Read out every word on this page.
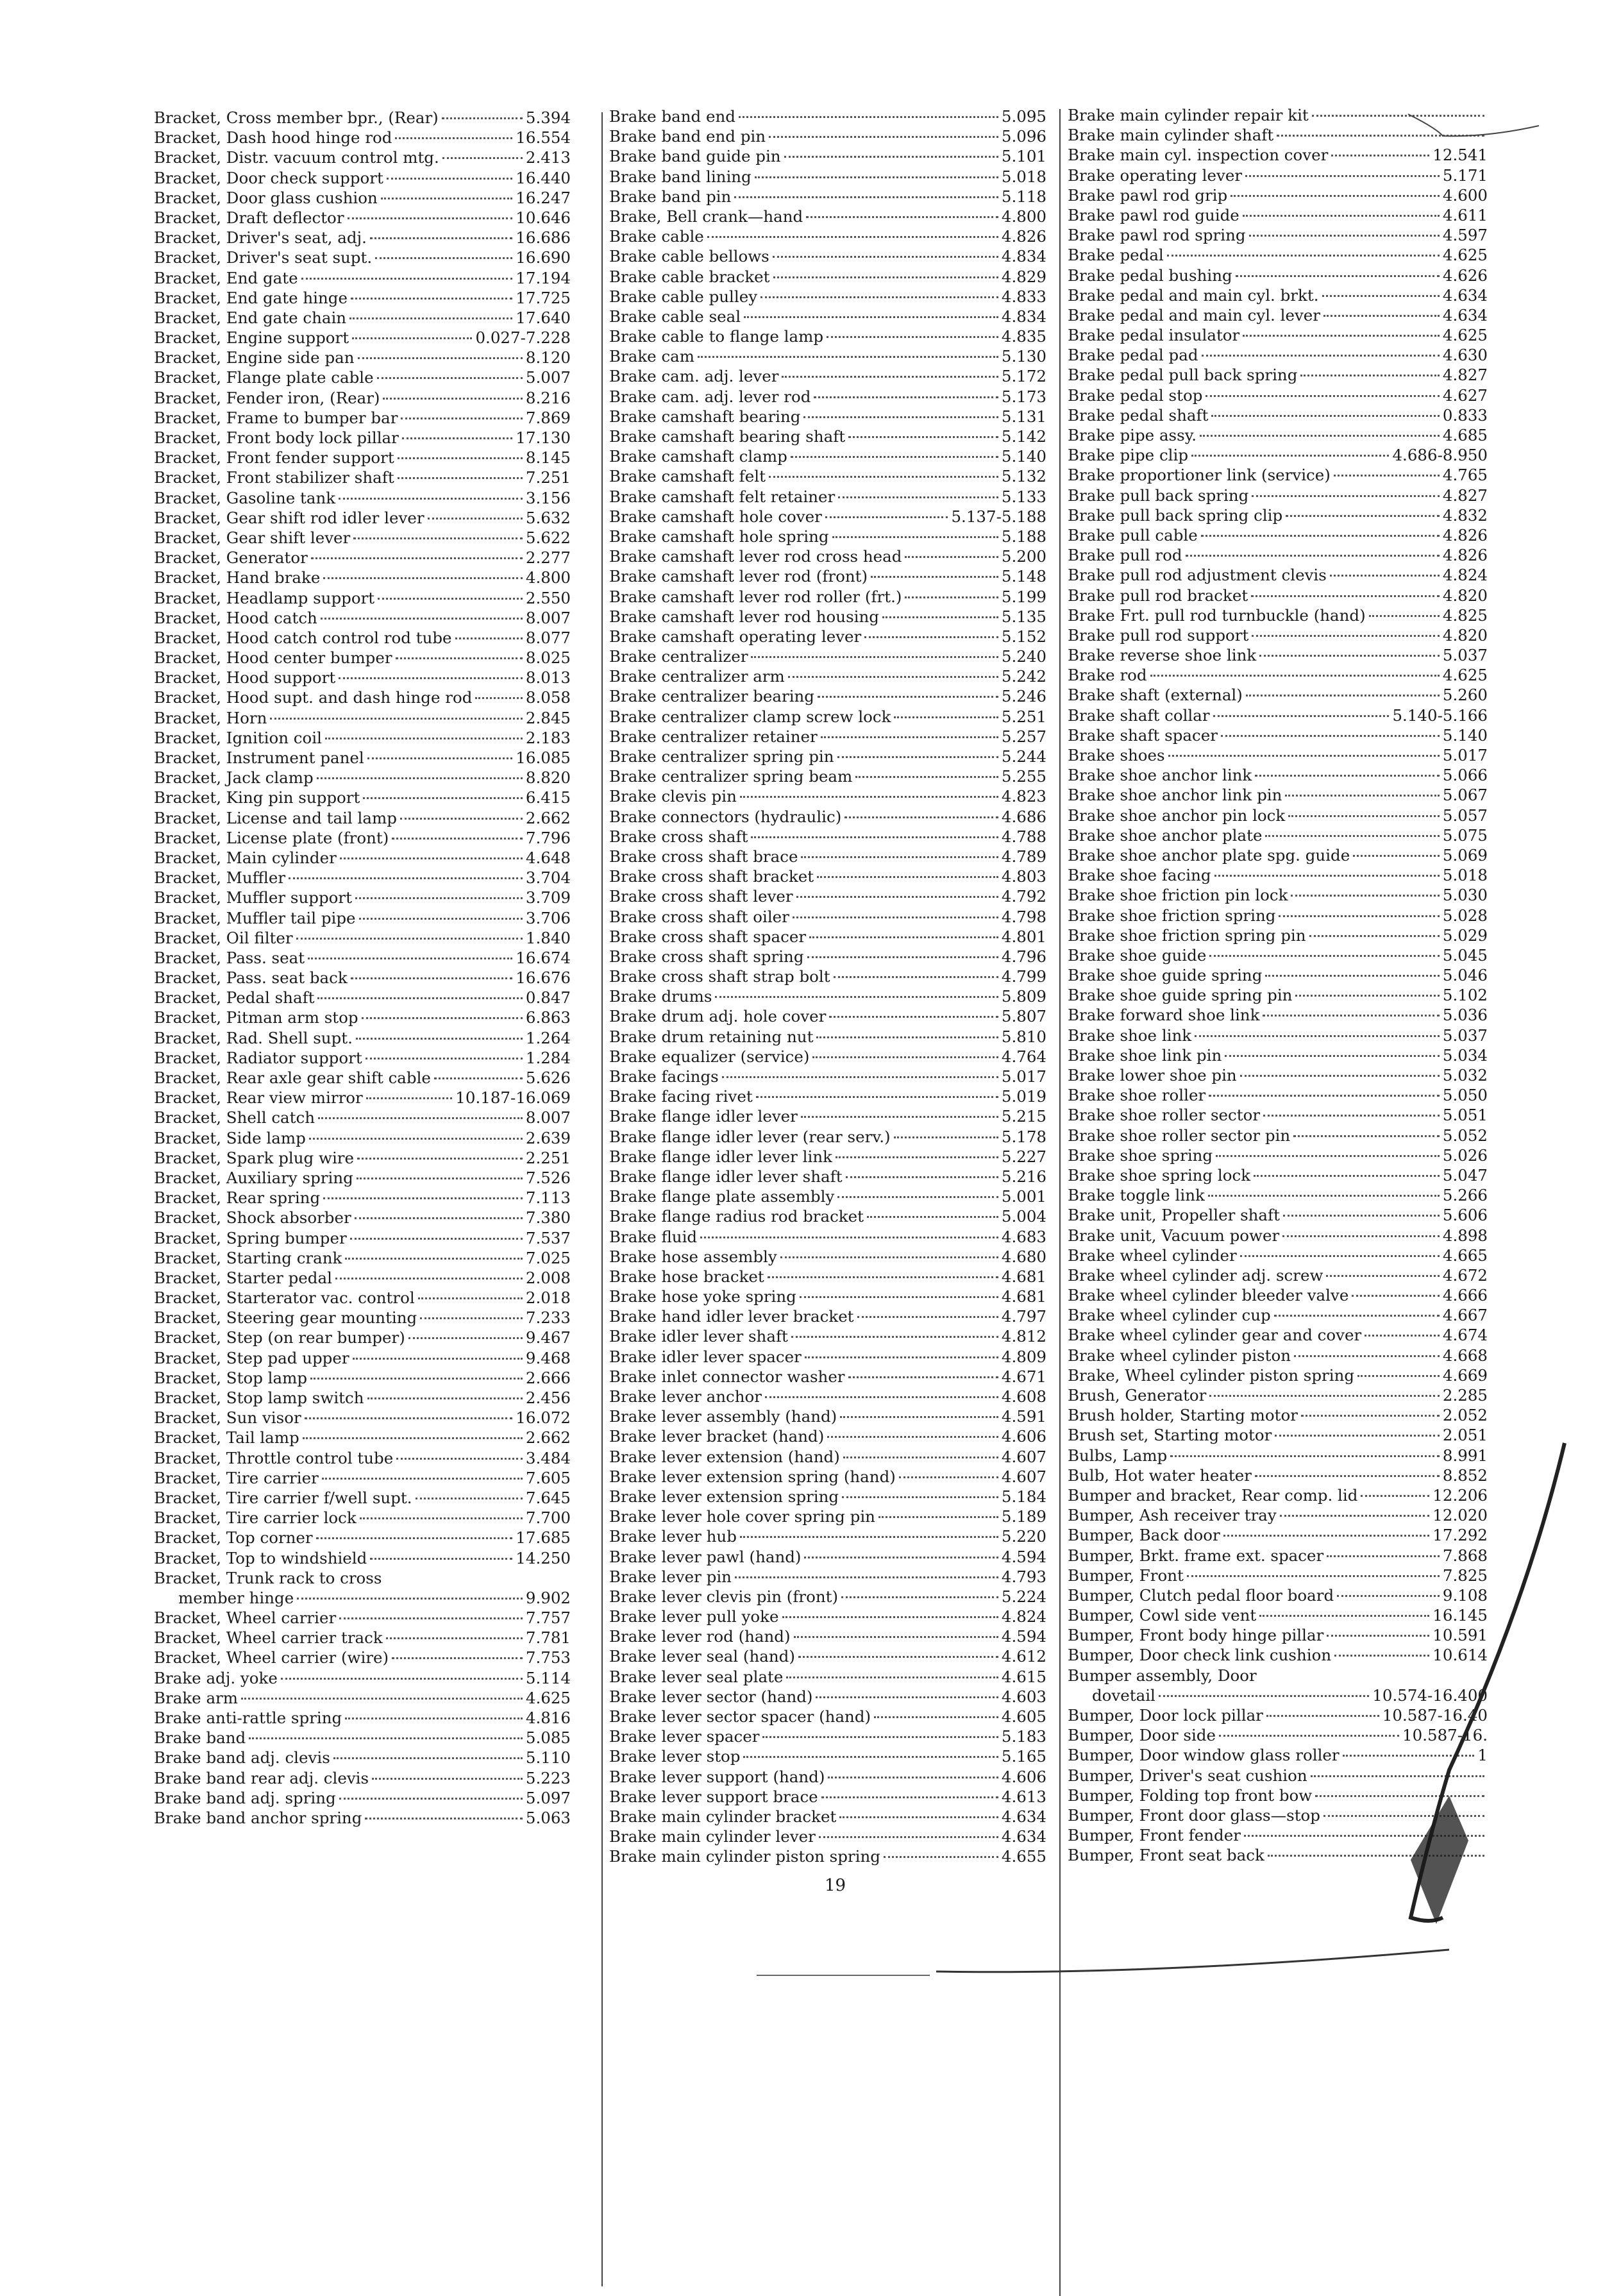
Bracket, Cross member bpr., (Rear)	5.394
Bracket, Dash hood hinge rod	16.554
Bracket, Distr. vacuum control mtg.	2.413
Bracket, Door check support	16.440
Bracket, Door glass cushion	16.247
Bracket, Draft deflector	10.646
Bracket, Driver's seat, adj.	16.686
Bracket, Driver's seat supt.	16.690
Bracket, End gate	17.194
Bracket, End gate hinge	17.725
Bracket, End gate chain	17.640
Bracket, Engine support	0.027-7.228
Bracket, Engine side pan	8.120
Bracket, Flange plate cable	5.007
Bracket, Fender iron, (Rear)	8.216
Bracket, Frame to bumper bar	7.869
Bracket, Front body lock pillar	17.130
Bracket, Front fender support	8.145
Bracket, Front stabilizer shaft	7.251
Bracket, Gasoline tank	3.156
Bracket, Gear shift rod idler lever	5.632
Bracket, Gear shift lever	5.622
Bracket, Generator	2.277
Bracket, Hand brake	4.800
Bracket, Headlamp support	2.550
Bracket, Hood catch	8.007
Bracket, Hood catch control rod tube	8.077
Bracket, Hood center bumper	8.025
Bracket, Hood support	8.013
Bracket, Hood supt. and dash hinge rod	8.058
Bracket, Horn	2.845
Bracket, Ignition coil	2.183
Bracket, Instrument panel	16.085
Bracket, Jack clamp	8.820
Bracket, King pin support	6.415
Bracket, License and tail lamp	2.662
Bracket, License plate (front)	7.796
Bracket, Main cylinder	4.648
Bracket, Muffler	3.704
Bracket, Muffler support	3.709
Bracket, Muffler tail pipe	3.706
Bracket, Oil filter	1.840
Bracket, Pass. seat	16.674
Bracket, Pass. seat back	16.676
Bracket, Pedal shaft	0.847
Bracket, Pitman arm stop	6.863
Bracket, Rad. Shell supt.	1.264
Bracket, Radiator support	1.284
Bracket, Rear axle gear shift cable	5.626
Bracket, Rear view mirror	10.187-16.069
Bracket, Shell catch	8.007
Bracket, Side lamp	2.639
Bracket, Spark plug wire	2.251
Bracket, Auxiliary spring	7.526
Bracket, Rear spring	7.113
Bracket, Shock absorber	7.380
Bracket, Spring bumper	7.537
Bracket, Starting crank	7.025
Bracket, Starter pedal	2.008
Bracket, Starterator vac. control	2.018
Bracket, Steering gear mounting	7.233
Bracket, Step (on rear bumper)	9.467
Bracket, Step pad upper	9.468
Bracket, Stop lamp	2.666
Bracket, Stop lamp switch	2.456
Bracket, Sun visor	16.072
Bracket, Tail lamp	2.662
Bracket, Throttle control tube	3.484
Bracket, Tire carrier	7.605
Bracket, Tire carrier f/well supt.	7.645
Bracket, Tire carrier lock	7.700
Bracket, Top corner	17.685
Bracket, Top to windshield	14.250
Bracket, Trunk rack to cross
member hinge	9.902
Bracket, Wheel carrier	7.757
Bracket, Wheel carrier track	7.781
Bracket, Wheel carrier (wire)	7.753
Brake adj. yoke	5.114
Brake arm	4.625
Brake anti-rattle spring	4.816
Brake band	5.085
Brake band adj. clevis	5.110
Brake band rear adj. clevis	5.223
Brake band adj. spring	5.097
Brake band anchor spring	5.063
Brake band end	5.095
Brake band end pin	5.096
Brake band guide pin	5.101
Brake band lining	5.018
Brake band pin	5.118
Brake, Bell crank—hand	4.800
Brake cable	4.826
Brake cable bellows	4.834
Brake cable bracket	4.829
Brake cable pulley	4.833
Brake cable seal	4.834
Brake cable to flange lamp	4.835
Brake cam	5.130
Brake cam. adj. lever	5.172
Brake cam. adj. lever rod	5.173
Brake camshaft bearing	5.131
Brake camshaft bearing shaft	5.142
Brake camshaft clamp	5.140
Brake camshaft felt	5.132
Brake camshaft felt retainer	5.133
Brake camshaft hole cover	5.137-5.188
Brake camshaft hole spring	5.188
Brake camshaft lever rod cross head	5.200
Brake camshaft lever rod (front)	5.148
Brake camshaft lever rod roller (frt.)	5.199
Brake camshaft lever rod housing	5.135
Brake camshaft operating lever	5.152
Brake centralizer	5.240
Brake centralizer arm	5.242
Brake centralizer bearing	5.246
Brake centralizer clamp screw lock	5.251
Brake centralizer retainer	5.257
Brake centralizer spring pin	5.244
Brake centralizer spring beam	5.255
Brake clevis pin	4.823
Brake connectors (hydraulic)	4.686
Brake cross shaft	4.788
Brake cross shaft brace	4.789
Brake cross shaft bracket	4.803
Brake cross shaft lever	4.792
Brake cross shaft oiler	4.798
Brake cross shaft spacer	4.801
Brake cross shaft spring	4.796
Brake cross shaft strap bolt	4.799
Brake drums	5.809
Brake drum adj. hole cover	5.807
Brake drum retaining nut	5.810
Brake equalizer (service)	4.764
Brake facings	5.017
Brake facing rivet	5.019
Brake flange idler lever	5.215
Brake flange idler lever (rear serv.)	5.178
Brake flange idler lever link	5.227
Brake flange idler lever shaft	5.216
Brake flange plate assembly	5.001
Brake flange radius rod bracket	5.004
Brake fluid	4.683
Brake hose assembly	4.680
Brake hose bracket	4.681
Brake hose yoke spring	4.681
Brake hand idler lever bracket	4.797
Brake idler lever shaft	4.812
Brake idler lever spacer	4.809
Brake inlet connector washer	4.671
Brake lever anchor	4.608
Brake lever assembly (hand)	4.591
Brake lever bracket (hand)	4.606
Brake lever extension (hand)	4.607
Brake lever extension spring (hand)	4.607
Brake lever extension spring	5.184
Brake lever hole cover spring pin	5.189
Brake lever hub	5.220
Brake lever pawl (hand)	4.594
Brake lever pin	4.793
Brake lever clevis pin (front)	5.224
Brake lever pull yoke	4.824
Brake lever rod (hand)	4.594
Brake lever seal (hand)	4.612
Brake lever seal plate	4.615
Brake lever sector (hand)	4.603
Brake lever sector spacer (hand)	4.605
Brake lever spacer	5.183
Brake lever stop	5.165
Brake lever support (hand)	4.606
Brake lever support brace	4.613
Brake main cylinder bracket	4.634
Brake main cylinder lever	4.634
Brake main cylinder piston spring	4.655
Brake main cylinder repair kit
Brake main cylinder shaft
Brake main cyl. inspection cover	12.541
Brake operating lever	5.171
Brake pawl rod grip	4.600
Brake pawl rod guide	4.611
Brake pawl rod spring	4.597
Brake pedal	4.625
Brake pedal bushing	4.626
Brake pedal and main cyl. brkt.	4.634
Brake pedal and main cyl. lever	4.634
Brake pedal insulator	4.625
Brake pedal pad	4.630
Brake pedal pull back spring	4.827
Brake pedal stop	4.627
Brake pedal shaft	0.833
Brake pipe assy.	4.685
Brake pipe clip	4.686-8.950
Brake proportioner link (service)	4.765
Brake pull back spring	4.827
Brake pull back spring clip	4.832
Brake pull cable	4.826
Brake pull rod	4.826
Brake pull rod adjustment clevis	4.824
Brake pull rod bracket	4.820
Brake Frt. pull rod turnbuckle (hand)	4.825
Brake pull rod support	4.820
Brake reverse shoe link	5.037
Brake rod	4.625
Brake shaft (external)	5.260
Brake shaft collar	5.140-5.166
Brake shaft spacer	5.140
Brake shoes	5.017
Brake shoe anchor link	5.066
Brake shoe anchor link pin	5.067
Brake shoe anchor pin lock	5.057
Brake shoe anchor plate	5.075
Brake shoe anchor plate spg. guide	5.069
Brake shoe facing	5.018
Brake shoe friction pin lock	5.030
Brake shoe friction spring	5.028
Brake shoe friction spring pin	5.029
Brake shoe guide	5.045
Brake shoe guide spring	5.046
Brake shoe guide spring pin	5.102
Brake forward shoe link	5.036
Brake shoe link	5.037
Brake shoe link pin	5.034
Brake lower shoe pin	5.032
Brake shoe roller	5.050
Brake shoe roller sector	5.051
Brake shoe roller sector pin	5.052
Brake shoe spring	5.026
Brake shoe spring lock	5.047
Brake toggle link	5.266
Brake unit, Propeller shaft	5.606
Brake unit, Vacuum power	4.898
Brake wheel cylinder	4.665
Brake wheel cylinder adj. screw	4.672
Brake wheel cylinder bleeder valve	4.666
Brake wheel cylinder cup	4.667
Brake wheel cylinder gear and cover	4.674
Brake wheel cylinder piston	4.668
Brake, Wheel cylinder piston spring	4.669
Brush, Generator	2.285
Brush holder, Starting motor	2.052
Brush set, Starting motor	2.051
Bulbs, Lamp	8.991
Bulb, Hot water heater	8.852
Bumper and bracket, Rear comp. lid	12.206
Bumper, Ash receiver tray	12.020
Bumper, Back door	17.292
Bumper, Brkt. frame ext. spacer	7.868
Bumper, Front	7.825
Bumper, Clutch pedal floor board	9.108
Bumper, Cowl side vent	16.145
Bumper, Front body hinge pillar	10.591
Bumper, Door check link cushion	10.614
Bumper assembly, Door
dovetail	10.574-16.400
Bumper, Door lock pillar	10.587-16.40
Bumper, Door side	10.587-16.
Bumper, Door window glass roller	1
Bumper, Driver's seat cushion
Bumper, Folding top front bow
Bumper, Front door glass—stop
Bumper, Front fender
Bumper, Front seat back
19
